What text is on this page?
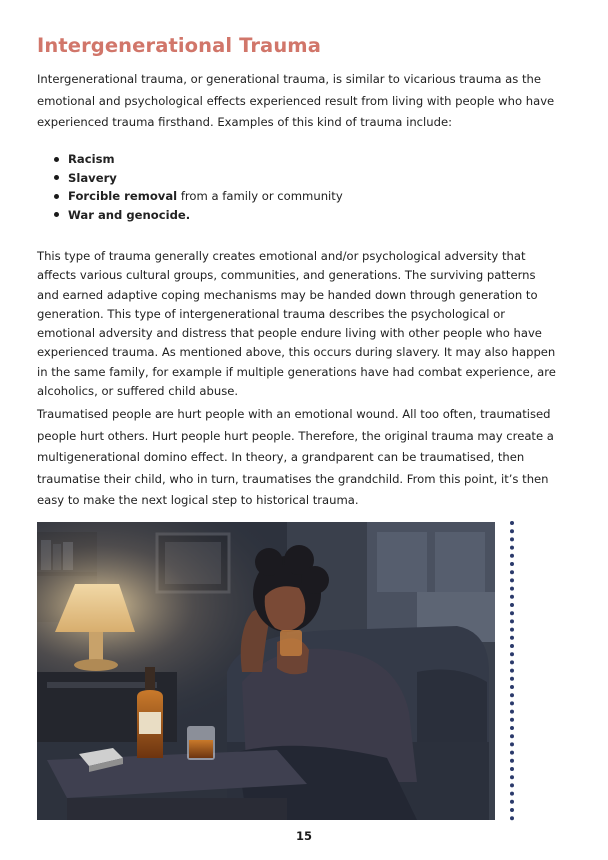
Intergenerational Trauma

Intergenerational trauma, or generational trauma, is similar to vicarious trauma as the emotional and psychological effects experienced result from living with people who have experienced trauma firsthand. Examples of this kind of trauma include:

Racism
Slavery
Forcible removal from a family or community
War and genocide.

This type of trauma generally creates emotional and/or psychological adversity that affects various cultural groups, communities, and generations. The surviving patterns and earned adaptive coping mechanisms may be handed down through generation to generation. This type of intergenerational trauma describes the psychological or emotional adversity and distress that people endure living with other people who have experienced trauma. As mentioned above, this occurs during slavery. It may also happen in the same family, for example if multiple generations have had combat experience, are alcoholics, or suffered child abuse.

Traumatised people are hurt people with an emotional wound. All too often, traumatised people hurt others. Hurt people hurt people. Therefore, the original trauma may create a multigenerational domino effect. In theory, a grandparent can be traumatised, then traumatise their child, who in turn, traumatises the grandchild. From this point, it’s then easy to make the next logical step to historical trauma.

15
